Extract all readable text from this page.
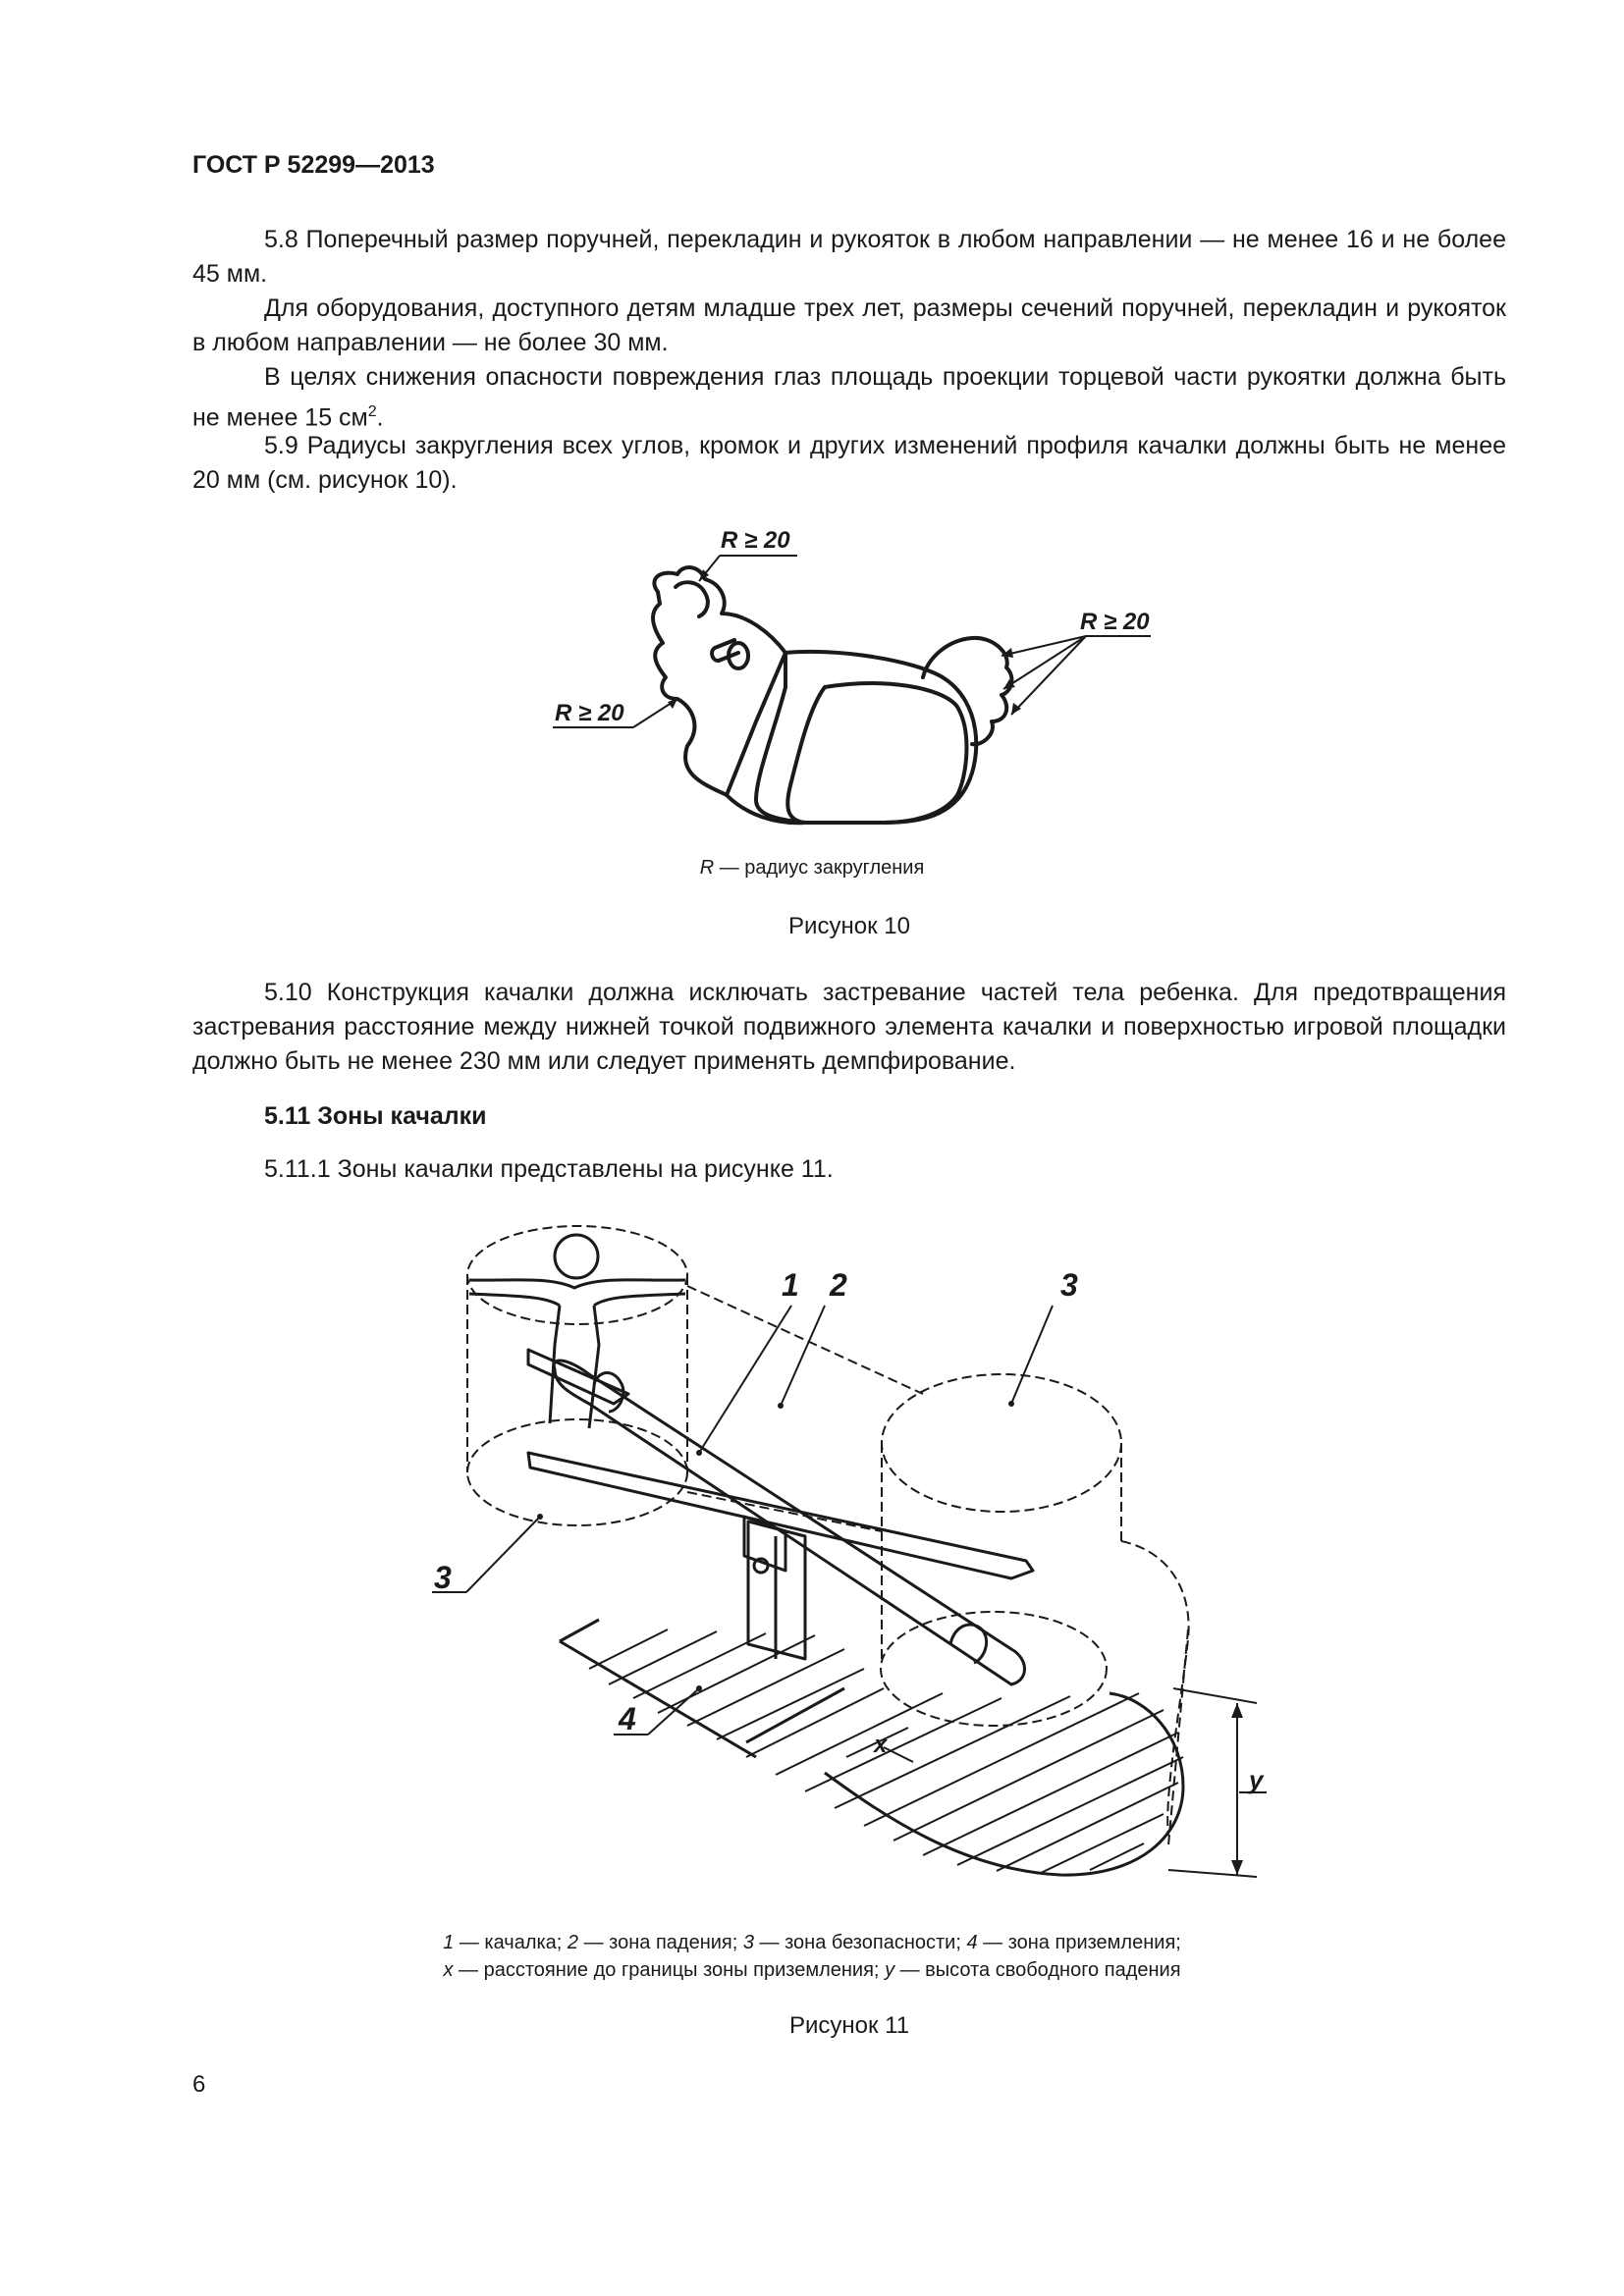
ГОСТ Р 52299—2013

5.8 Поперечный размер поручней, перекладин и рукояток в любом направлении — не менее 16 и не более 45 мм.

Для оборудования, доступного детям младше трех лет, размеры сечений поручней, перекладин и рукояток в любом направлении — не более 30 мм.

В целях снижения опасности повреждения глаз площадь проекции торцевой части рукоятки должна быть не менее 15 $см^2$.

5.9 Радиусы закругления всех углов, кромок и других изменений профиля качалки должны быть не менее 20 мм (см. рисунок 10).

R ≥ 20
R ≥ 20
R ≥ 20
R — радиус закругления
Рисунок 10

5.10 Конструкция качалки должна исключать застревание частей тела ребенка. Для предотвращения застревания расстояние между нижней точкой подвижного элемента качалки и поверхностью игровой площадки должно быть не менее 230 мм или следует применять демпфирование.

5.11 Зоны качалки

5.11.1 Зоны качалки представлены на рисунке 11.

1 2	3
3
4
x
y
1 — качалка; 2 — зона падения; 3 — зона безопасности; 4 — зона приземления;
x — расстояние до границы зоны приземления; y — высота свободного падения
Рисунок 11
6
